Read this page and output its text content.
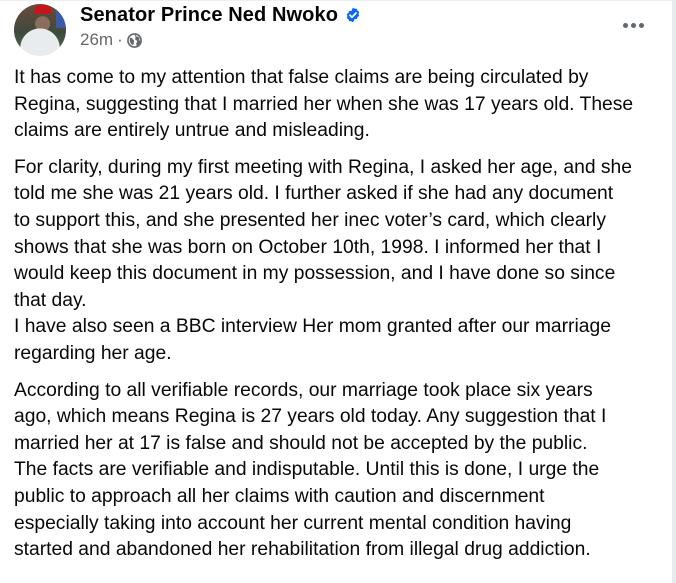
Senator Prince Ned Nwoko
26m ·

It has come to my attention that false claims are being circulated by
Regina, suggesting that I married her when she was 17 years old. These
claims are entirely untrue and misleading.

For clarity, during my first meeting with Regina, I asked her age, and she
told me she was 21 years old. I further asked if she had any document
to support this, and she presented her inec voter’s card, which clearly
shows that she was born on October 10th, 1998. I informed her that I
would keep this document in my possession, and I have done so since
that day.
I have also seen a BBC interview Her mom granted after our marriage
regarding her age.

According to all verifiable records, our marriage took place six years
ago, which means Regina is 27 years old today. Any suggestion that I
married her at 17 is false and should not be accepted by the public.
The facts are verifiable and indisputable. Until this is done, I urge the
public to approach all her claims with caution and discernment
especially taking into account her current mental condition having
started and abandoned her rehabilitation from illegal drug addiction.
